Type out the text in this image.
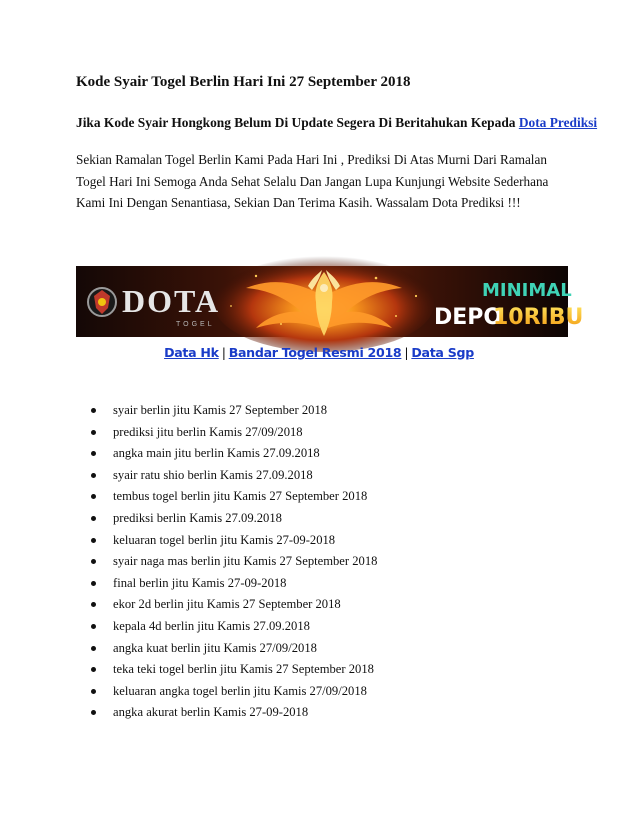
Kode Syair Togel Berlin Hari Ini 27 September 2018

Jika Kode Syair Hongkong Belum Di Update Segera Di Beritahukan Kepada Dota Prediksi

Sekian Ramalan Togel Berlin Kami Pada Hari Ini , Prediksi Di Atas Murni Dari Ramalan Togel Hari Ini Semoga Anda Sehat Selalu Dan Jangan Lupa Kunjungi Website Sederhana Kami Ini Dengan Senantiasa, Sekian Dan Terima Kasih. Wassalam Dota Prediksi !!!

DOTA
TOGEL
MINIMAL
DEPO
10RIBU
Data Hk | Bandar Togel Resmi 2018 | Data Sgp
syair berlin jitu Kamis 27 September 2018
prediksi jitu berlin Kamis 27/09/2018
angka main jitu berlin Kamis 27.09.2018
syair ratu shio berlin Kamis 27.09.2018
tembus togel berlin jitu Kamis 27 September 2018
prediksi berlin Kamis 27.09.2018
keluaran togel berlin jitu Kamis 27-09-2018
syair naga mas berlin jitu Kamis 27 September 2018
final berlin jitu Kamis 27-09-2018
ekor 2d berlin jitu Kamis 27 September 2018
kepala 4d berlin jitu Kamis 27.09.2018
angka kuat berlin jitu Kamis 27/09/2018
teka teki togel berlin jitu Kamis 27 September 2018
keluaran angka togel berlin jitu Kamis 27/09/2018
angka akurat berlin Kamis 27-09-2018
